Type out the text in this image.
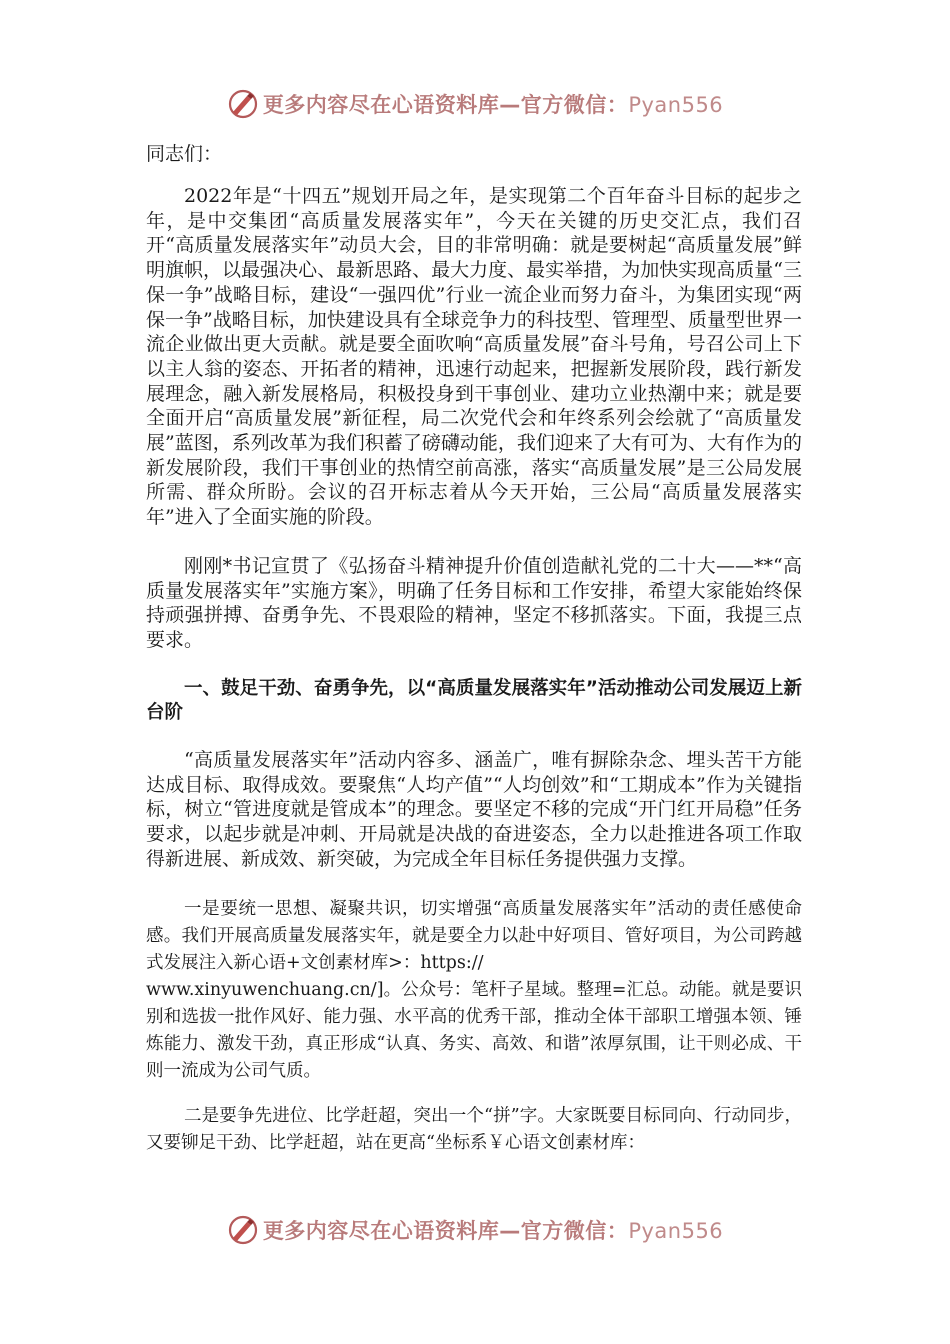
更多内容尽在心语资料库—官方微信：Pyan556

同志们：

2022年是“十四五”规划开局之年，是实现第二个百年奋斗目标的起步之年，是中交集团“高质量发展落实年”，今天在关键的历史交汇点，我们召开“高质量发展落实年”动员大会，目的非常明确：就是要树起“高质量发展”鲜明旗帜，以最强决心、最新思路、最大力度、最实举措，为加快实现高质量“三保一争”战略目标，建设“一强四优”行业一流企业而努力奋斗，为集团实现“两保一争”战略目标，加快建设具有全球竞争力的科技型、管理型、质量型世界一流企业做出更大贡献。就是要全面吹响“高质量发展”奋斗号角，号召公司上下以主人翁的姿态、开拓者的精神，迅速行动起来，把握新发展阶段，践行新发展理念，融入新发展格局，积极投身到干事创业、建功立业热潮中来；就是要全面开启“高质量发展”新征程，局二次党代会和年终系列会绘就了“高质量发展”蓝图，系列改革为我们积蓄了磅礴动能，我们迎来了大有可为、大有作为的新发展阶段，我们干事创业的热情空前高涨，落实“高质量发展”是三公局发展所需、群众所盼。会议的召开标志着从今天开始，三公局“高质量发展落实年”进入了全面实施的阶段。

刚刚*书记宣贯了《弘扬奋斗精神提升价值创造献礼党的二十大——**“高质量发展落实年”实施方案》，明确了任务目标和工作安排，希望大家能始终保持顽强拼搏、奋勇争先、不畏艰险的精神，坚定不移抓落实。下面，我提三点要求。

一、鼓足干劲、奋勇争先，以“高质量发展落实年”活动推动公司发展迈上新台阶

“高质量发展落实年”活动内容多、涵盖广，唯有摒除杂念、埋头苦干方能达成目标、取得成效。要聚焦“人均产值”“人均创效”和“工期成本”作为关键指标，树立“管进度就是管成本”的理念。要坚定不移的完成“开门红开局稳”任务要求，以起步就是冲刺、开局就是决战的奋进姿态，全力以赴推进各项工作取得新进展、新成效、新突破，为完成全年目标任务提供强力支撑。

一是要统一思想、凝聚共识，切实增强“高质量发展落实年”活动的责任感使命感。我们开展高质量发展落实年，就是要全力以赴中好项目、管好项目，为公司跨越式发展注入新心语+文创素材库>：https://

www.xinyuwenchuang.cn/]。公众号：笔杆子星域。整理=汇总。动能。就是要识别和选拔一批作风好、能力强、水平高的优秀干部，推动全体干部职工增强本领、锤炼能力、激发干劲，真正形成“认真、务实、高效、和谐”浓厚氛围，让干则必成、干则一流成为公司气质。

二是要争先进位、比学赶超，突出一个“拼”字。大家既要目标同向、行动同步，又要铆足干劲、比学赶超，站在更高“坐标系￥心语文创素材库：

更多内容尽在心语资料库—官方微信：Pyan556
